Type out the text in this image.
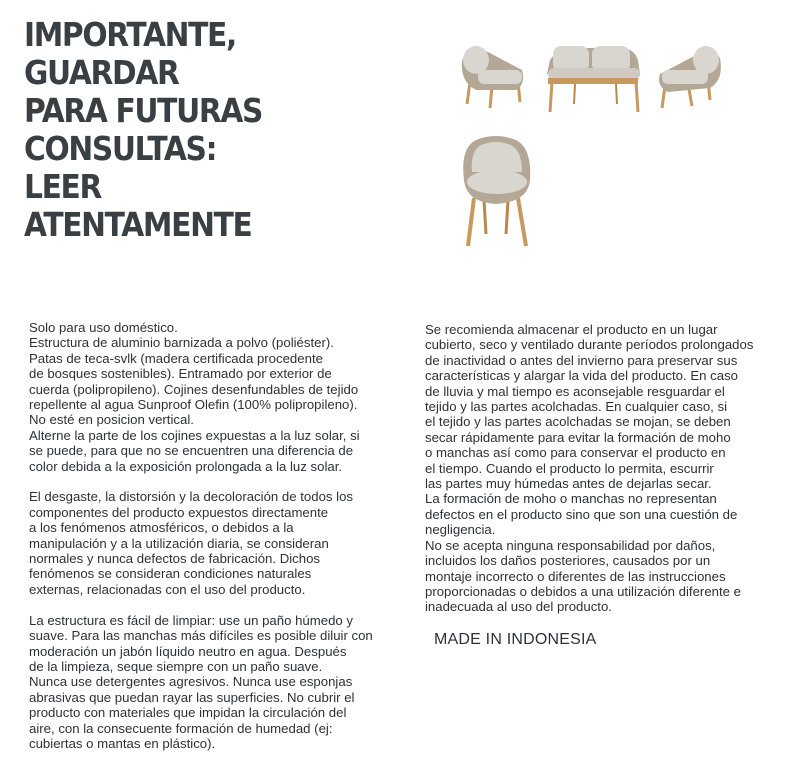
IMPORTANTE,
GUARDAR
PARA FUTURAS
CONSULTAS:
LEER
ATENTAMENTE

Solo para uso doméstico.

Estructura de aluminio barnizada a polvo (poliéster).

Patas de teca-svlk (madera certificada procedente

de bosques sostenibles). Entramado por exterior de

cuerda (polipropileno). Cojines desenfundables de tejido

repellente al agua Sunproof Olefin (100% polipropileno).

No esté en posicion vertical.

Alterne la parte de los cojines expuestas a la luz solar, si

se puede, para que no se encuentren una diferencia de

color debida a la exposición prolongada a la luz solar.

El desgaste, la distorsión y la decoloración de todos los

componentes del producto expuestos directamente

a los fenómenos atmosféricos, o debidos a la

manipulación y a la utilización diaria, se consideran

normales y nunca defectos de fabricación. Dichos

fenómenos se consideran condiciones naturales

externas, relacionadas con el uso del producto.

La estructura es fácil de limpiar: use un paño húmedo y

suave. Para las manchas más difíciles es posible diluir con

moderación un jabón líquido neutro en agua. Después

de la limpieza, seque siempre con un paño suave.

Nunca use detergentes agresivos. Nunca use esponjas

abrasivas que puedan rayar las superficies. No cubrir el

producto con materiales que impidan la circulación del

aire, con la consecuente formación de humedad (ej:

cubiertas o mantas en plástico).

Se recomienda almacenar el producto en un lugar

cubierto, seco y ventilado durante períodos prolongados

de inactividad o antes del invierno para preservar sus

características y alargar la vida del producto. En caso

de lluvia y mal tiempo es aconsejable resguardar el

tejido y las partes acolchadas. En cualquier caso, si

el tejido y las partes acolchadas se mojan, se deben

secar rápidamente para evitar la formación de moho

o manchas así como para conservar el producto en

el tiempo. Cuando el producto lo permita, escurrir

las partes muy húmedas antes de dejarlas secar.

La formación de moho o manchas no representan

defectos en el producto sino que son una cuestión de

negligencia.

No se acepta ninguna responsabilidad por daños,

incluidos los daños posteriores, causados por un

montaje incorrecto o diferentes de las instrucciones

proporcionadas o debidos a una utilización diferente e

inadecuada al uso del producto.

MADE IN INDONESIA
